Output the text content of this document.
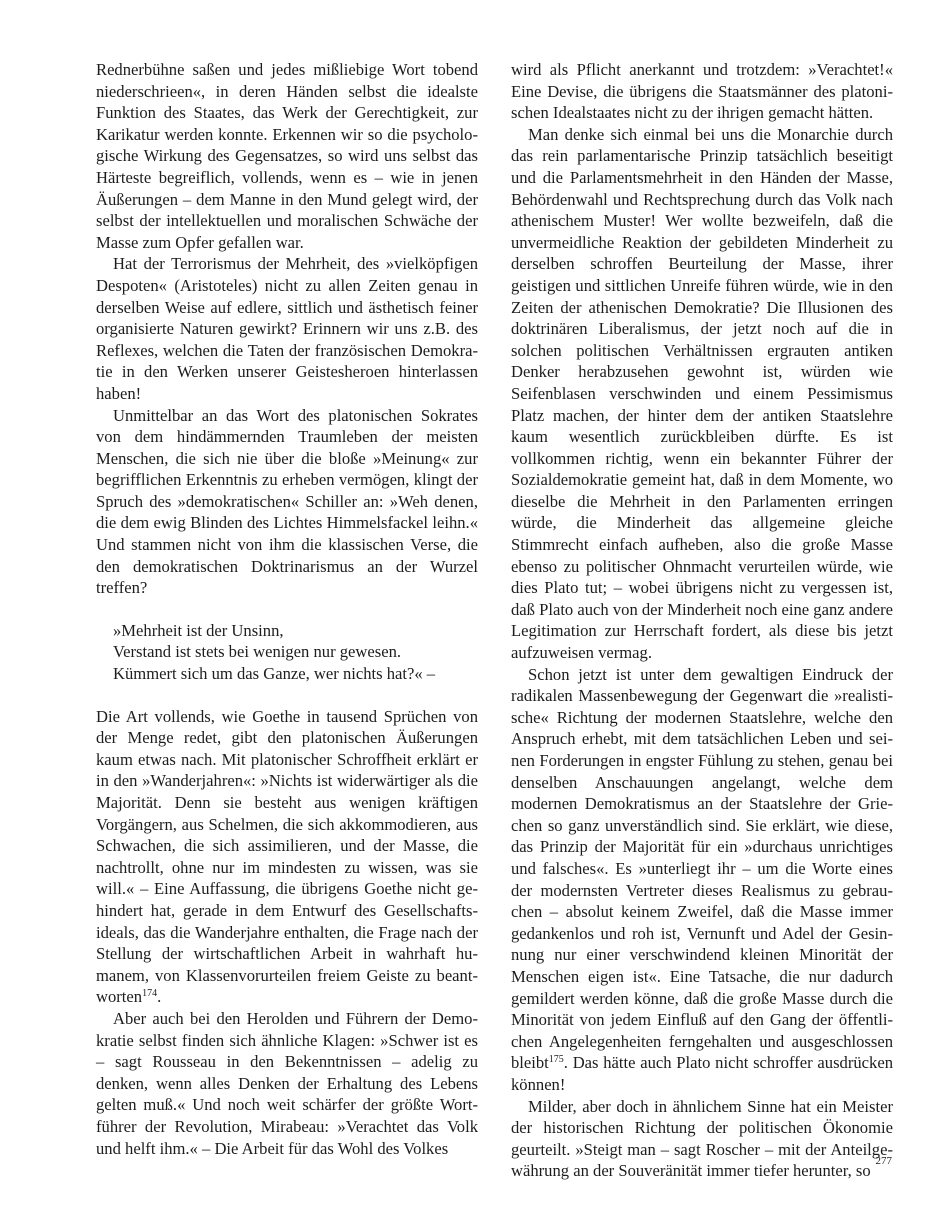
Rednerbühne saßen und jedes mißliebige Wort tobend niederschrieen«, in deren Händen selbst die idealste Funktion des Staates, das Werk der Gerechtigkeit, zur Karikatur werden konnte. Erkennen wir so die psychologische Wirkung des Gegensatzes, so wird uns selbst das Härteste begreiflich, vollends, wenn es – wie in jenen Äußerungen – dem Manne in den Mund gelegt wird, der selbst der intellektuellen und moralischen Schwäche der Masse zum Opfer gefallen war.

Hat der Terrorismus der Mehrheit, des »vielköpfigen Despoten« (Aristoteles) nicht zu allen Zeiten genau in derselben Weise auf edlere, sittlich und ästhetisch feiner organisierte Naturen gewirkt? Erinnern wir uns z.B. des Reflexes, welchen die Taten der französischen Demokratie in den Werken unserer Geistesheroen hinterlassen haben!

Unmittelbar an das Wort des platonischen Sokrates von dem hindämmernden Traumleben der meisten Menschen, die sich nie über die bloße »Meinung« zur begrifflichen Erkenntnis zu erheben vermögen, klingt der Spruch des »demokratischen« Schiller an: »Weh denen, die dem ewig Blinden des Lichtes Himmelsfackel leihn.« Und stammen nicht von ihm die klassischen Verse, die den demokratischen Doktrinarismus an der Wurzel treffen?

»Mehrheit ist der Unsinn,
Verstand ist stets bei wenigen nur gewesen.
Kümmert sich um das Ganze, wer nichts hat?« –

Die Art vollends, wie Goethe in tausend Sprüchen von der Menge redet, gibt den platonischen Äußerungen kaum etwas nach. Mit platonischer Schroffheit erklärt er in den »Wanderjahren«: »Nichts ist widerwärtiger als die Majorität. Denn sie besteht aus wenigen kräftigen Vorgängern, aus Schelmen, die sich akkommodieren, aus Schwachen, die sich assimilieren, und der Masse, die nachtrollt, ohne nur im mindesten zu wissen, was sie will.« – Eine Auffassung, die übrigens Goethe nicht gehindert hat, gerade in dem Entwurf des Gesellschaftsideals, das die Wanderjahre enthalten, die Frage nach der Stellung der wirtschaftlichen Arbeit in wahrhaft humanem, von Klassenvorurteilen freiem Geiste zu beantworten$^{174}$.

Aber auch bei den Herolden und Führern der Demokratie selbst finden sich ähnliche Klagen: »Schwer ist es – sagt Rousseau in den Bekenntnissen – adelig zu denken, wenn alles Denken der Erhaltung des Lebens gelten muß.« Und noch weit schärfer der größte Wortführer der Revolution, Mirabeau: »Verachtet das Volk und helft ihm.« – Die Arbeit für das Wohl des Volkes

wird als Pflicht anerkannt und trotzdem: »Verachtet!« Eine Devise, die übrigens die Staatsmänner des platonischen Idealstaates nicht zu der ihrigen gemacht hätten.

Man denke sich einmal bei uns die Monarchie durch das rein parlamentarische Prinzip tatsächlich beseitigt und die Parlamentsmehrheit in den Händen der Masse, Behördenwahl und Rechtsprechung durch das Volk nach athenischem Muster! Wer wollte bezweifeln, daß die unvermeidliche Reaktion der gebildeten Minderheit zu derselben schroffen Beurteilung der Masse, ihrer geistigen und sittlichen Unreife führen würde, wie in den Zeiten der athenischen Demokratie? Die Illusionen des doktrinären Liberalismus, der jetzt noch auf die in solchen politischen Verhältnissen ergrauten antiken Denker herabzusehen gewohnt ist, würden wie Seifenblasen verschwinden und einem Pessimismus Platz machen, der hinter dem der antiken Staatslehre kaum wesentlich zurückbleiben dürfte. Es ist vollkommen richtig, wenn ein bekannter Führer der Sozialdemokratie gemeint hat, daß in dem Momente, wo dieselbe die Mehrheit in den Parlamenten erringen würde, die Minderheit das allgemeine gleiche Stimmrecht einfach aufheben, also die große Masse ebenso zu politischer Ohnmacht verurteilen würde, wie dies Plato tut; – wobei übrigens nicht zu vergessen ist, daß Plato auch von der Minderheit noch eine ganz andere Legitimation zur Herrschaft fordert, als diese bis jetzt aufzuweisen vermag.

Schon jetzt ist unter dem gewaltigen Eindruck der radikalen Massenbewegung der Gegenwart die »realistische« Richtung der modernen Staatslehre, welche den Anspruch erhebt, mit dem tatsächlichen Leben und seinen Forderungen in engster Fühlung zu stehen, genau bei denselben Anschauungen angelangt, welche dem modernen Demokratismus an der Staatslehre der Griechen so ganz unverständlich sind. Sie erklärt, wie diese, das Prinzip der Majorität für ein »durchaus unrichtiges und falsches«. Es »unterliegt ihr – um die Worte eines der modernsten Vertreter dieses Realismus zu gebrauchen – absolut keinem Zweifel, daß die Masse immer gedankenlos und roh ist, Vernunft und Adel der Gesinnung nur einer verschwindend kleinen Minorität der Menschen eigen ist«. Eine Tatsache, die nur dadurch gemildert werden könne, daß die große Masse durch die Minorität von jedem Einfluß auf den Gang der öffentlichen Angelegenheiten ferngehalten und ausgeschlossen bleibt$^{175}$. Das hätte auch Plato nicht schroffer ausdrücken können!

Milder, aber doch in ähnlichem Sinne hat ein Meister der historischen Richtung der politischen Ökonomie geurteilt. »Steigt man – sagt Roscher – mit der Anteilgewährung an der Souveränität immer tiefer herunter, so

277
